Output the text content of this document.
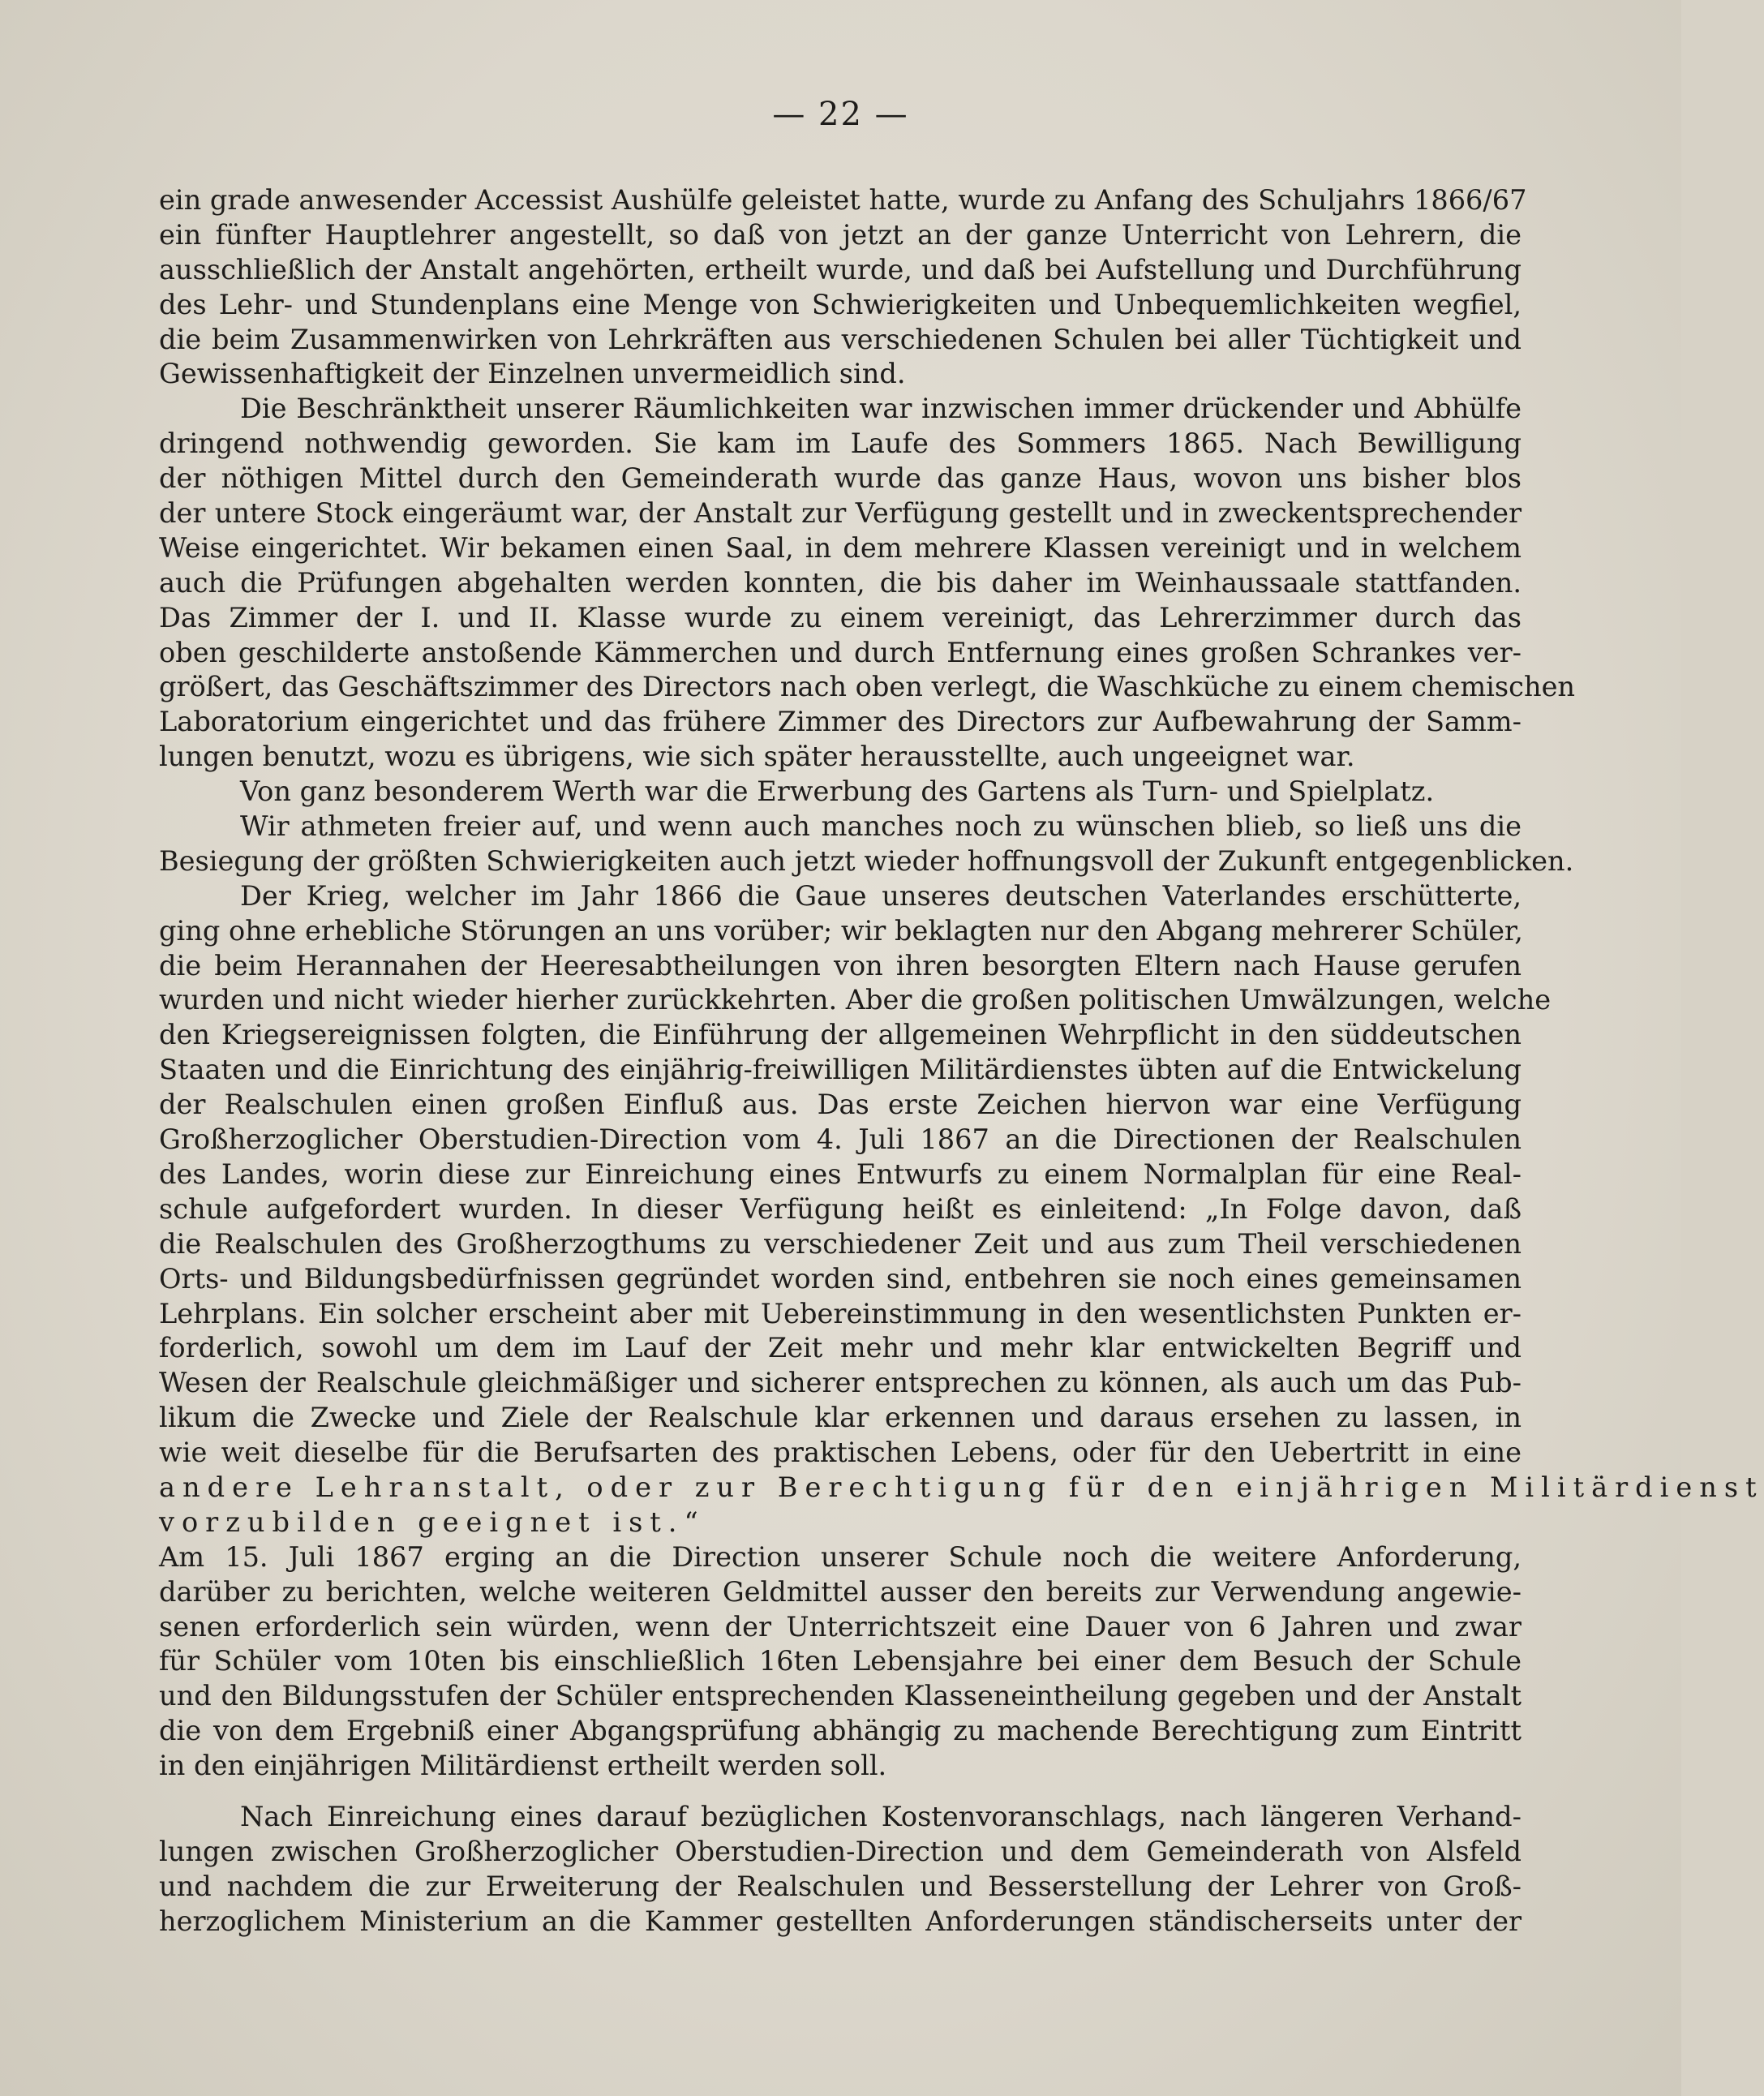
— 22 —
ein grade anwesender Accessist Aushülfe geleistet hatte, wurde zu Anfang des Schuljahrs 1866/67
ein fünfter Hauptlehrer angestellt, so daß von jetzt an der ganze Unterricht von Lehrern, die
ausschließlich der Anstalt angehörten, ertheilt wurde, und daß bei Aufstellung und Durchführung
des Lehr- und Stundenplans eine Menge von Schwierigkeiten und Unbequemlichkeiten wegfiel,
die beim Zusammenwirken von Lehrkräften aus verschiedenen Schulen bei aller Tüchtigkeit und
Gewissenhaftigkeit der Einzelnen unvermeidlich sind.
Die Beschränktheit unserer Räumlichkeiten war inzwischen immer drückender und Abhülfe
dringend nothwendig geworden. Sie kam im Laufe des Sommers 1865. Nach Bewilligung
der nöthigen Mittel durch den Gemeinderath wurde das ganze Haus, wovon uns bisher blos
der untere Stock eingeräumt war, der Anstalt zur Verfügung gestellt und in zweckentsprechender
Weise eingerichtet. Wir bekamen einen Saal, in dem mehrere Klassen vereinigt und in welchem
auch die Prüfungen abgehalten werden konnten, die bis daher im Weinhaussaale stattfanden.
Das Zimmer der I. und II. Klasse wurde zu einem vereinigt, das Lehrerzimmer durch das
oben geschilderte anstoßende Kämmerchen und durch Entfernung eines großen Schrankes ver-
größert, das Geschäftszimmer des Directors nach oben verlegt, die Waschküche zu einem chemischen
Laboratorium eingerichtet und das frühere Zimmer des Directors zur Aufbewahrung der Samm-
lungen benutzt, wozu es übrigens, wie sich später herausstellte, auch ungeeignet war.
Von ganz besonderem Werth war die Erwerbung des Gartens als Turn- und Spielplatz.
Wir athmeten freier auf, und wenn auch manches noch zu wünschen blieb, so ließ uns die
Besiegung der größten Schwierigkeiten auch jetzt wieder hoffnungsvoll der Zukunft entgegenblicken.
Der Krieg, welcher im Jahr 1866 die Gaue unseres deutschen Vaterlandes erschütterte,
ging ohne erhebliche Störungen an uns vorüber; wir beklagten nur den Abgang mehrerer Schüler,
die beim Herannahen der Heeresabtheilungen von ihren besorgten Eltern nach Hause gerufen
wurden und nicht wieder hierher zurückkehrten. Aber die großen politischen Umwälzungen, welche
den Kriegsereignissen folgten, die Einführung der allgemeinen Wehrpflicht in den süddeutschen
Staaten und die Einrichtung des einjährig-freiwilligen Militärdienstes übten auf die Entwickelung
der Realschulen einen großen Einfluß aus. Das erste Zeichen hiervon war eine Verfügung
Großherzoglicher Oberstudien-Direction vom 4. Juli 1867 an die Directionen der Realschulen
des Landes, worin diese zur Einreichung eines Entwurfs zu einem Normalplan für eine Real-
schule aufgefordert wurden. In dieser Verfügung heißt es einleitend: „In Folge davon, daß
die Realschulen des Großherzogthums zu verschiedener Zeit und aus zum Theil verschiedenen
Orts- und Bildungsbedürfnissen gegründet worden sind, entbehren sie noch eines gemeinsamen
Lehrplans. Ein solcher erscheint aber mit Uebereinstimmung in den wesentlichsten Punkten er-
forderlich, sowohl um dem im Lauf der Zeit mehr und mehr klar entwickelten Begriff und
Wesen der Realschule gleichmäßiger und sicherer entsprechen zu können, als auch um das Pub-
likum die Zwecke und Ziele der Realschule klar erkennen und daraus ersehen zu lassen, in
wie weit dieselbe für die Berufsarten des praktischen Lebens, oder für den Uebertritt in eine
andere Lehranstalt, oder zur Berechtigung für den einjährigen Militärdienst
vorzubilden geeignet ist.“
Am 15. Juli 1867 erging an die Direction unserer Schule noch die weitere Anforderung,
darüber zu berichten, welche weiteren Geldmittel ausser den bereits zur Verwendung angewie-
senen erforderlich sein würden, wenn der Unterrichtszeit eine Dauer von 6 Jahren und zwar
für Schüler vom 10ten bis einschließlich 16ten Lebensjahre bei einer dem Besuch der Schule
und den Bildungsstufen der Schüler entsprechenden Klasseneintheilung gegeben und der Anstalt
die von dem Ergebniß einer Abgangsprüfung abhängig zu machende Berechtigung zum Eintritt
in den einjährigen Militärdienst ertheilt werden soll.
Nach Einreichung eines darauf bezüglichen Kostenvoranschlags, nach längeren Verhand-
lungen zwischen Großherzoglicher Oberstudien-Direction und dem Gemeinderath von Alsfeld
und nachdem die zur Erweiterung der Realschulen und Besserstellung der Lehrer von Groß-
herzoglichem Ministerium an die Kammer gestellten Anforderungen ständischerseits unter der
